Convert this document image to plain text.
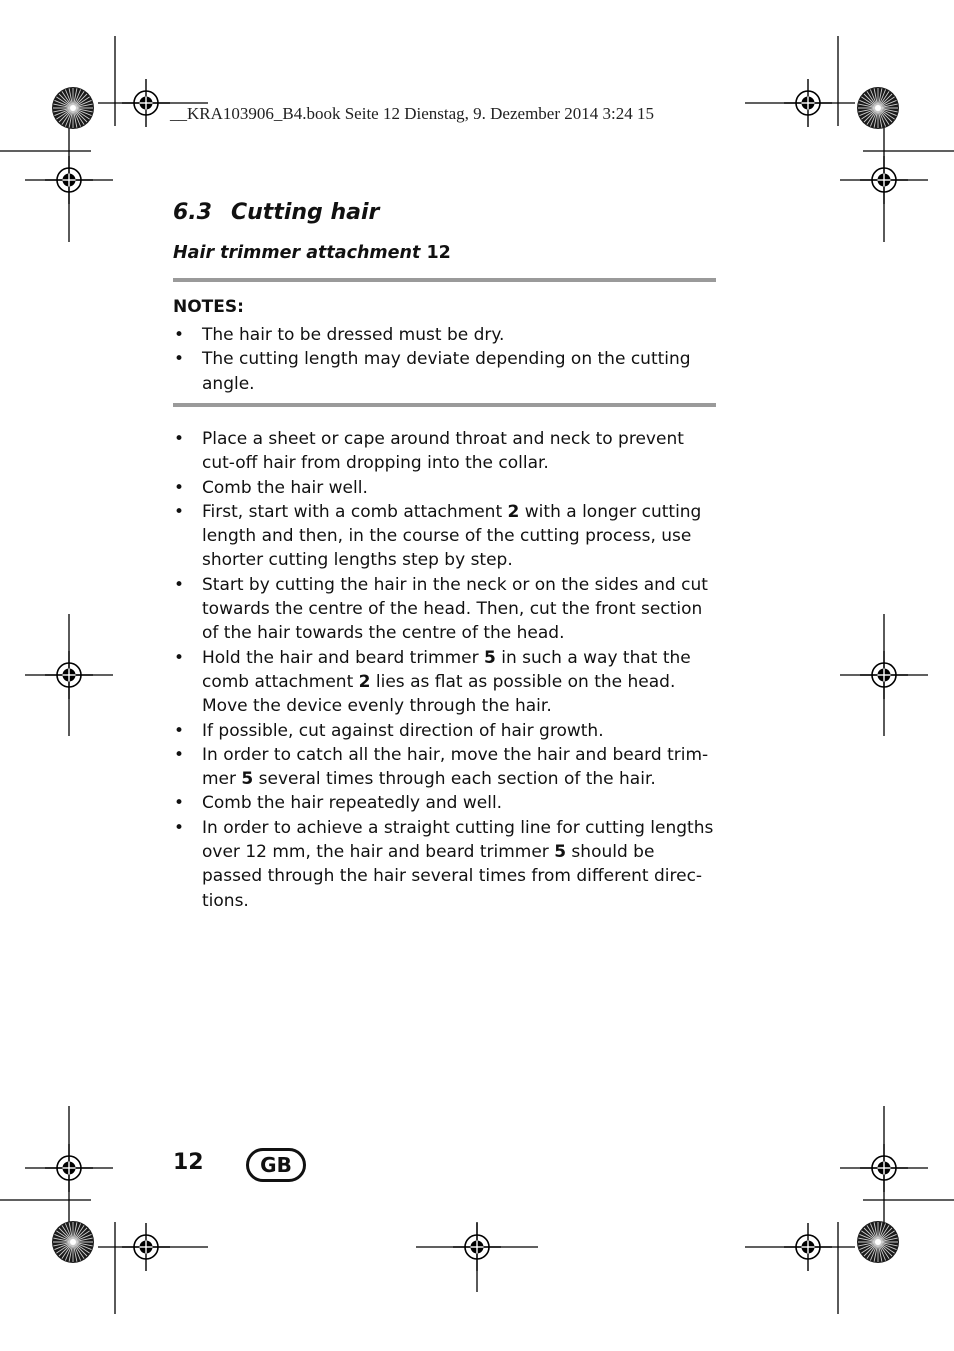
__KRA103906_B4.book Seite 12 Dienstag, 9. Dezember 2014 3:24 15
6.3 Cutting hair
Hair trimmer attachment 12
NOTES:
• The hair to be dressed must be dry.
• The cutting length may deviate depending on the cutting angle.
• Place a sheet or cape around throat and neck to prevent cut-off hair from dropping into the collar.
• Comb the hair well.
• First, start with a comb attachment 2 with a longer cutting length and then, in the course of the cutting process, use shorter cutting lengths step by step.
• Start by cutting the hair in the neck or on the sides and cut towards the centre of the head. Then, cut the front section of the hair towards the centre of the head.
• Hold the hair and beard trimmer 5 in such a way that the comb attachment 2 lies as flat as possible on the head. Move the device evenly through the hair.
• If possible, cut against direction of hair growth.
• In order to catch all the hair, move the hair and beard trim-mer 5 several times through each section of the hair.
• Comb the hair repeatedly and well.
• In order to achieve a straight cutting line for cutting lengths over 12 mm, the hair and beard trimmer 5 should be passed through the hair several times from different direc-tions.
12	GB
